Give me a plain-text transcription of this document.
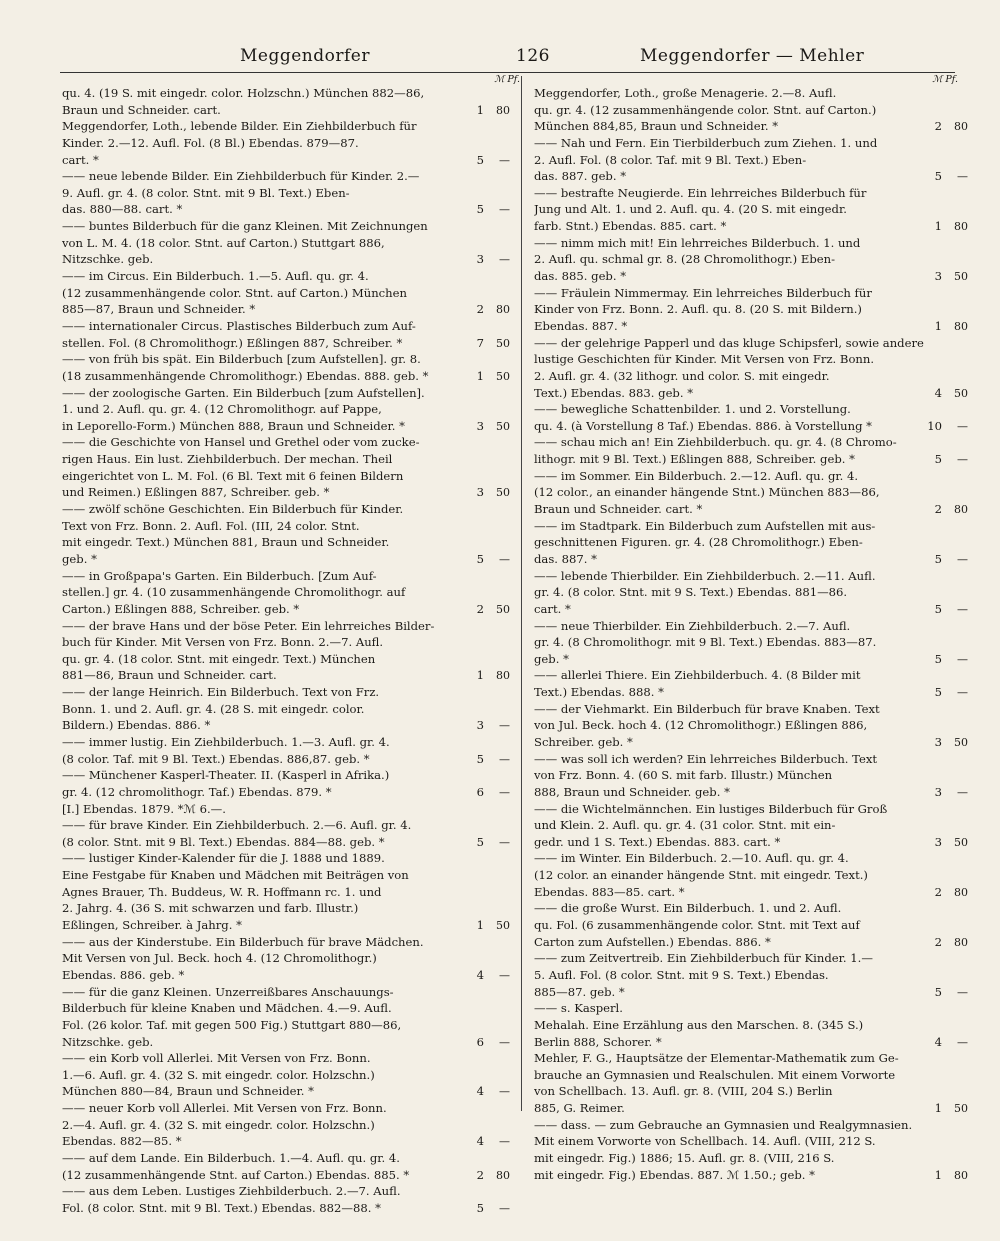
Meggendorfer	126	Meggendorfer — Mehler
ℳ Pf.
qu. 4. (19 S. mit eingedr. color. Holzschn.) München 882—86,
Braun und Schneider. cart.	1 80
Meggendorfer, Loth., lebende Bilder. Ein Ziehbilderbuch für
Kinder. 2.—12. Aufl. Fol. (8 Bl.) Ebendas. 879—87.
cart. *	5 —
—— neue lebende Bilder. Ein Ziehbilderbuch für Kinder. 2.—
9. Aufl. gr. 4. (8 color. Stnt. mit 9 Bl. Text.) Eben-
das. 880—88. cart. *	5 —
—— buntes Bilderbuch für die ganz Kleinen. Mit Zeichnungen
von L. M. 4. (18 color. Stnt. auf Carton.) Stuttgart 886,
Nitzschke. geb.	3 —
—— im Circus. Ein Bilderbuch. 1.—5. Aufl. qu. gr. 4.
(12 zusammenhängende color. Stnt. auf Carton.) München
885—87, Braun und Schneider. *	2 80
—— internationaler Circus. Plastisches Bilderbuch zum Auf-
stellen. Fol. (8 Chromolithogr.) Eßlingen 887, Schreiber. *	7 50
—— von früh bis spät. Ein Bilderbuch [zum Aufstellen]. gr. 8.
(18 zusammenhängende Chromolithogr.) Ebendas. 888. geb. *	1 50
—— der zoologische Garten. Ein Bilderbuch [zum Aufstellen].
1. und 2. Aufl. qu. gr. 4. (12 Chromolithogr. auf Pappe,
in Leporello-Form.) München 888, Braun und Schneider. *	3 50
—— die Geschichte von Hansel und Grethel oder vom zucke-
rigen Haus. Ein lust. Ziehbilderbuch. Der mechan. Theil
eingerichtet von L. M. Fol. (6 Bl. Text mit 6 feinen Bildern
und Reimen.) Eßlingen 887, Schreiber. geb. *	3 50
—— zwölf schöne Geschichten. Ein Bilderbuch für Kinder.
Text von Frz. Bonn. 2. Aufl. Fol. (III, 24 color. Stnt.
mit eingedr. Text.) München 881, Braun und Schneider.
geb. *	5 —
—— in Großpapa's Garten. Ein Bilderbuch. [Zum Auf-
stellen.] gr. 4. (10 zusammenhängende Chromolithogr. auf
Carton.) Eßlingen 888, Schreiber. geb. *	2 50
—— der brave Hans und der böse Peter. Ein lehrreiches Bilder-
buch für Kinder. Mit Versen von Frz. Bonn. 2.—7. Aufl.
qu. gr. 4. (18 color. Stnt. mit eingedr. Text.) München
881—86, Braun und Schneider. cart.	1 80
—— der lange Heinrich. Ein Bilderbuch. Text von Frz.
Bonn. 1. und 2. Aufl. gr. 4. (28 S. mit eingedr. color.
Bildern.) Ebendas. 886. *	3 —
—— immer lustig. Ein Ziehbilderbuch. 1.—3. Aufl. gr. 4.
(8 color. Taf. mit 9 Bl. Text.) Ebendas. 886,87. geb. *	5 —
—— Münchener Kasperl-Theater. II. (Kasperl in Afrika.)
gr. 4. (12 chromolithogr. Taf.) Ebendas. 879. *	6 —
[I.] Ebendas. 1879. *ℳ 6.—.
—— für brave Kinder. Ein Ziehbilderbuch. 2.—6. Aufl. gr. 4.
(8 color. Stnt. mit 9 Bl. Text.) Ebendas. 884—88. geb. *	5 —
—— lustiger Kinder-Kalender für die J. 1888 und 1889.
Eine Festgabe für Knaben und Mädchen mit Beiträgen von
Agnes Brauer, Th. Buddeus, W. R. Hoffmann rc. 1. und
2. Jahrg. 4. (36 S. mit schwarzen und farb. Illustr.)
Eßlingen, Schreiber. à Jahrg. *	1 50
—— aus der Kinderstube. Ein Bilderbuch für brave Mädchen.
Mit Versen von Jul. Beck. hoch 4. (12 Chromolithogr.)
Ebendas. 886. geb. *	4 —
—— für die ganz Kleinen. Unzerreißbares Anschauungs-
Bilderbuch für kleine Knaben und Mädchen. 4.—9. Aufl.
Fol. (26 kolor. Taf. mit gegen 500 Fig.) Stuttgart 880—86,
Nitzschke. geb.	6 —
—— ein Korb voll Allerlei. Mit Versen von Frz. Bonn.
1.—6. Aufl. gr. 4. (32 S. mit eingedr. color. Holzschn.)
München 880—84, Braun und Schneider. *	4 —
—— neuer Korb voll Allerlei. Mit Versen von Frz. Bonn.
2.—4. Aufl. gr. 4. (32 S. mit eingedr. color. Holzschn.)
Ebendas. 882—85. *	4 —
—— auf dem Lande. Ein Bilderbuch. 1.—4. Aufl. qu. gr. 4.
(12 zusammenhängende Stnt. auf Carton.) Ebendas. 885. *	2 80
—— aus dem Leben. Lustiges Ziehbilderbuch. 2.—7. Aufl.
Fol. (8 color. Stnt. mit 9 Bl. Text.) Ebendas. 882—88. *	5 —
ℳ Pf.
Meggendorfer, Loth., große Menagerie. 2.—8. Aufl.
qu. gr. 4. (12 zusammenhängende color. Stnt. auf Carton.)
München 884,85, Braun und Schneider. *	2 80
—— Nah und Fern. Ein Tierbilderbuch zum Ziehen. 1. und
2. Aufl. Fol. (8 color. Taf. mit 9 Bl. Text.) Eben-
das. 887. geb. *	5 —
—— bestrafte Neugierde. Ein lehrreiches Bilderbuch für
Jung und Alt. 1. und 2. Aufl. qu. 4. (20 S. mit eingedr.
farb. Stnt.) Ebendas. 885. cart. *	1 80
—— nimm mich mit! Ein lehrreiches Bilderbuch. 1. und
2. Aufl. qu. schmal gr. 8. (28 Chromolithogr.) Eben-
das. 885. geb. *	3 50
—— Fräulein Nimmermay. Ein lehrreiches Bilderbuch für
Kinder von Frz. Bonn. 2. Aufl. qu. 8. (20 S. mit Bildern.)
Ebendas. 887. *	1 80
—— der gelehrige Papperl und das kluge Schipsferl, sowie andere
lustige Geschichten für Kinder. Mit Versen von Frz. Bonn.
2. Aufl. gr. 4. (32 lithogr. und color. S. mit eingedr.
Text.) Ebendas. 883. geb. *	4 50
—— bewegliche Schattenbilder. 1. und 2. Vorstellung.
qu. 4. (à Vorstellung 8 Taf.) Ebendas. 886. à Vorstellung *	10 —
—— schau mich an! Ein Ziehbilderbuch. qu. gr. 4. (8 Chromo-
lithogr. mit 9 Bl. Text.) Eßlingen 888, Schreiber. geb. *	5 —
—— im Sommer. Ein Bilderbuch. 2.—12. Aufl. qu. gr. 4.
(12 color., an einander hängende Stnt.) München 883—86,
Braun und Schneider. cart. *	2 80
—— im Stadtpark. Ein Bilderbuch zum Aufstellen mit aus-
geschnittenen Figuren. gr. 4. (28 Chromolithogr.) Eben-
das. 887. *	5 —
—— lebende Thierbilder. Ein Ziehbilderbuch. 2.—11. Aufl.
gr. 4. (8 color. Stnt. mit 9 S. Text.) Ebendas. 881—86.
cart. *	5 —
—— neue Thierbilder. Ein Ziehbilderbuch. 2.—7. Aufl.
gr. 4. (8 Chromolithogr. mit 9 Bl. Text.) Ebendas. 883—87.
geb. *	5 —
—— allerlei Thiere. Ein Ziehbilderbuch. 4. (8 Bilder mit
Text.) Ebendas. 888. *	5 —
—— der Viehmarkt. Ein Bilderbuch für brave Knaben. Text
von Jul. Beck. hoch 4. (12 Chromolithogr.) Eßlingen 886,
Schreiber. geb. *	3 50
—— was soll ich werden? Ein lehrreiches Bilderbuch. Text
von Frz. Bonn. 4. (60 S. mit farb. Illustr.) München
888, Braun und Schneider. geb. *	3 —
—— die Wichtelmännchen. Ein lustiges Bilderbuch für Groß
und Klein. 2. Aufl. qu. gr. 4. (31 color. Stnt. mit ein-
gedr. und 1 S. Text.) Ebendas. 883. cart. *	3 50
—— im Winter. Ein Bilderbuch. 2.—10. Aufl. qu. gr. 4.
(12 color. an einander hängende Stnt. mit eingedr. Text.)
Ebendas. 883—85. cart. *	2 80
—— die große Wurst. Ein Bilderbuch. 1. und 2. Aufl.
qu. Fol. (6 zusammenhängende color. Stnt. mit Text auf
Carton zum Aufstellen.) Ebendas. 886. *	2 80
—— zum Zeitvertreib. Ein Ziehbilderbuch für Kinder. 1.—
5. Aufl. Fol. (8 color. Stnt. mit 9 S. Text.) Ebendas.
885—87. geb. *	5 —
—— s. Kasperl.
Mehalah. Eine Erzählung aus den Marschen. 8. (345 S.)
Berlin 888, Schorer. *	4 —
Mehler, F. G., Hauptsätze der Elementar-Mathematik zum Ge-
brauche an Gymnasien und Realschulen. Mit einem Vorworte
von Schellbach. 13. Aufl. gr. 8. (VIII, 204 S.) Berlin
885, G. Reimer.	1 50
—— dass. — zum Gebrauche an Gymnasien und Realgymnasien.
Mit einem Vorworte von Schellbach. 14. Aufl. (VIII, 212 S.
mit eingedr. Fig.) 1886; 15. Aufl. gr. 8. (VIII, 216 S.
mit eingedr. Fig.) Ebendas. 887. ℳ 1.50.; geb. *	1 80
